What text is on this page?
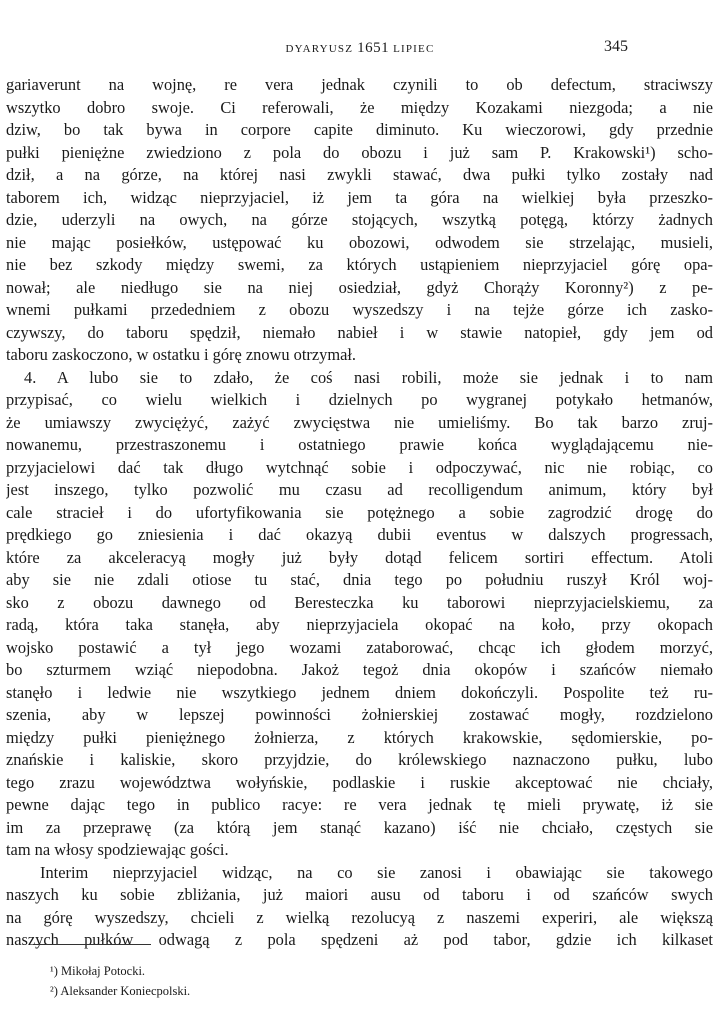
DYARYUSZ 1651 LIPIEC	345
gariaverunt na wojnę, re vera jednak czynili to ob defectum, straciwszy
wszytko dobro swoje. Ci referowali, że między Kozakami niezgoda; a nie
dziw, bo tak bywa in corpore capite diminuto. Ku wieczorowi, gdy przednie
pułki pieniężne zwiedziono z pola do obozu i już sam P. Krakowski¹) scho-
dził, a na górze, na której nasi zwykli stawać, dwa pułki tylko zostały nad
taborem ich, widząc nieprzyjaciel, iż jem ta góra na wielkiej była przeszko-
dzie, uderzyli na owych, na górze stojących, wszytką potęgą, którzy żadnych
nie mając posiełków, ustępować ku obozowi, odwodem sie strzelając, musieli,
nie bez szkody między swemi, za których ustąpieniem nieprzyjaciel górę opa-
nował; ale niedługo sie na niej osiedział, gdyż Chorąży Koronny²) z pe-
wnemi pułkami przededniem z obozu wyszedszy i na tejże górze ich zasko-
czywszy, do taboru spędził, niemało nabieł i w stawie natopieł, gdy jem od
taboru zaskoczono, w ostatku i górę znowu otrzymał.
4. A lubo sie to zdało, że coś nasi robili, może sie jednak i to nam
przypisać, co wielu wielkich i dzielnych po wygranej potykało hetmanów,
że umiawszy zwyciężyć, zażyć zwycięstwa nie umieliśmy. Bo tak barzo zruj-
nowanemu, przestraszonemu i ostatniego prawie końca wyglądającemu nie-
przyjacielowi dać tak długo wytchnąć sobie i odpoczywać, nic nie robiąc, co
jest inszego, tylko pozwolić mu czasu ad recolligendum animum, który był
cale stracieł i do ufortyfikowania sie potężnego a sobie zagrodzić drogę do
prędkiego go zniesienia i dać okazyą dubii eventus w dalszych progressach,
które za akceleracyą mogły już były dotąd felicem sortiri effectum. Atoli
aby sie nie zdali otiose tu stać, dnia tego po południu ruszył Król woj-
sko z obozu dawnego od Beresteczka ku taborowi nieprzyjacielskiemu, za
radą, która taka stanęła, aby nieprzyjaciela okopać na koło, przy okopach
wojsko postawić a tył jego wozami zataborować, chcąc ich głodem morzyć,
bo szturmem wziąć niepodobna. Jakoż tegoż dnia okopów i szańców niemało
stanęło i ledwie nie wszytkiego jednem dniem dokończyli. Pospolite też ru-
szenia, aby w lepszej powinności żołnierskiej zostawać mogły, rozdzielono
między pułki pieniężnego żołnierza, z których krakowskie, sędomierskie, po-
znańskie i kaliskie, skoro przyjdzie, do królewskiego naznaczono pułku, lubo
tego zrazu województwa wołyńskie, podlaskie i ruskie akceptować nie chciały,
pewne dając tego in publico racye: re vera jednak tę mieli prywatę, iż sie
im za przeprawę (za którą jem stanąć kazano) iść nie chciało, częstych sie
tam na włosy spodziewając gości.
Interim nieprzyjaciel widząc, na co sie zanosi i obawiając sie takowego
naszych ku sobie zbliżania, już maiori ausu od taboru i od szańców swych
na górę wyszedszy, chcieli z wielką rezolucyą z naszemi experiri, ale większą
naszych pułków odwagą z pola spędzeni aż pod tabor, gdzie ich kilkaset
¹) Mikołaj Potocki.
²) Aleksander Koniecpolski.
